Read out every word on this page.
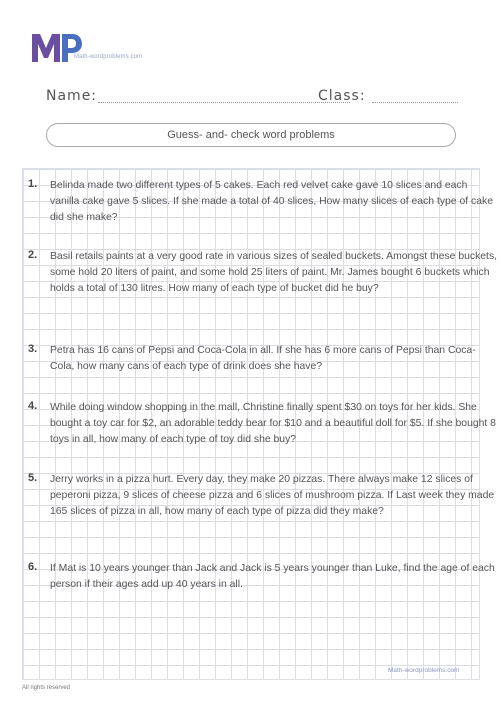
Math-wordproblems.com
Name:	Class:
Guess- and- check word problems
1. Belinda made two different types of 5 cakes. Each red velvet cake gave 10 slices and each vanilla cake gave 5 slices. If she made a total of 40 slices, How many slices of each type of cake did she make?

2. Basil retails paints at a very good rate in various sizes of sealed buckets. Amongst these buckets, some hold 20 liters of paint, and some hold 25 liters of paint. Mr. James bought 6 buckets which holds a total of 130 litres. How many of each type of bucket did he buy?

3. Petra has 16 cans of Pepsi and Coca-Cola in all. If she has 6 more cans of Pepsi than Coca-Cola, how many cans of each type of drink does she have?

4. While doing window shopping in the mall, Christine finally spent $30 on toys for her kids. She bought a toy car for $2, an adorable teddy bear for $10 and a beautiful doll for $5. If she bought 8 toys in all, how many of each type of toy did she buy?

5. Jerry works in a pizza hurt. Every day, they make 20 pizzas. There always make 12 slices of peperoni pizza, 9 slices of cheese pizza and 6 slices of mushroom pizza. If Last week they made 165 slices of pizza in all, how many of each type of pizza did they make?

6. If Mat is 10 years younger than Jack and Jack is 5 years younger than Luke, find the age of each person if their ages add up 40 years in all.

Math-wordproblems.com
All rights reserved
